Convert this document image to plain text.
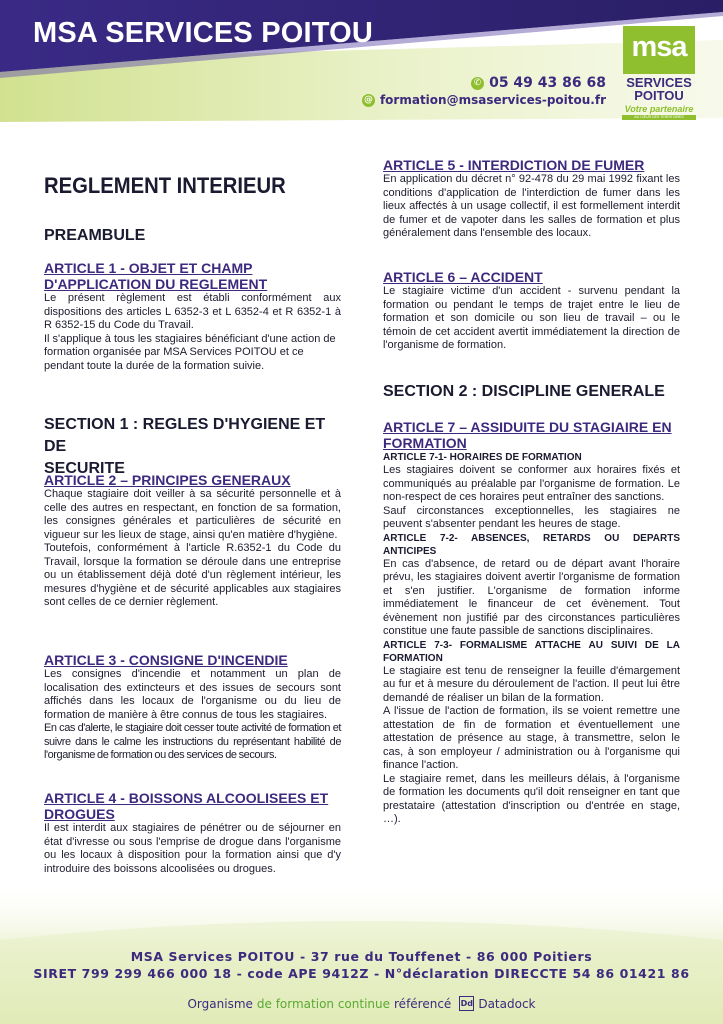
MSA SERVICES POITOU
✆ 05 49 43 86 68
@ formation@msaservices-poitou.fr
msa
SERVICES
POITOU
Votre partenaire
AU CŒUR DES TERRITOIRES
REGLEMENT INTERIEUR
PREAMBULE
ARTICLE 1 - OBJET ET CHAMP
D'APPLICATION DU REGLEMENT
Le présent règlement est établi conformément aux dispositions des articles L 6352-3 et L 6352-4 et R 6352-1 à R 6352-15 du Code du Travail.
Il s'applique à tous les stagiaires bénéficiant d'une action de formation organisée par MSA Services POITOU et ce pendant toute la durée de la formation suivie.
SECTION 1 : REGLES D'HYGIENE ET DE
SECURITE
ARTICLE 2 – PRINCIPES GENERAUX
Chaque stagiaire doit veiller à sa sécurité personnelle et à celle des autres en respectant, en fonction de sa formation, les consignes générales et particulières de sécurité en vigueur sur les lieux de stage, ainsi qu'en matière d'hygiène.
Toutefois, conformément à l'article R.6352-1 du Code du Travail, lorsque la formation se déroule dans une entreprise ou un établissement déjà doté d'un règlement intérieur, les mesures d'hygiène et de sécurité applicables aux stagiaires sont celles de ce dernier règlement.
ARTICLE 3 - CONSIGNE D'INCENDIE
Les consignes d'incendie et notamment un plan de localisation des extincteurs et des issues de secours sont affichés dans les locaux de l'organisme ou du lieu de formation de manière à être connus de tous les stagiaires.
En cas d'alerte, le stagiaire doit cesser toute activité de formation et suivre dans le calme les instructions du représentant habilité de l'organisme de formation ou des services de secours.
ARTICLE 4 - BOISSONS ALCOOLISEES ET
DROGUES
Il est interdit aux stagiaires de pénétrer ou de séjourner en état d'ivresse ou sous l'emprise de drogue dans l'organisme ou les locaux à disposition pour la formation ainsi que d'y introduire des boissons alcoolisées ou drogues.
ARTICLE 5 - INTERDICTION DE FUMER
En application du décret n° 92-478 du 29 mai 1992 fixant les conditions d'application de l'interdiction de fumer dans les lieux affectés à un usage collectif, il est formellement interdit de fumer et de vapoter dans les salles de formation et plus généralement dans l'ensemble des locaux.
ARTICLE 6 – ACCIDENT
Le stagiaire victime d'un accident - survenu pendant la formation ou pendant le temps de trajet entre le lieu de formation et son domicile ou son lieu de travail – ou le témoin de cet accident avertit immédiatement la direction de l'organisme de formation.
SECTION 2 : DISCIPLINE GENERALE
ARTICLE 7 – ASSIDUITE DU STAGIAIRE EN
FORMATION
ARTICLE 7-1- HORAIRES DE FORMATION
Les stagiaires doivent se conformer aux horaires fixés et communiqués au préalable par l'organisme de formation. Le non-respect de ces horaires peut entraîner des sanctions.
Sauf circonstances exceptionnelles, les stagiaires ne peuvent s'absenter pendant les heures de stage.
ARTICLE 7-2- ABSENCES, RETARDS OU DEPARTS ANTICIPES
En cas d'absence, de retard ou de départ avant l'horaire prévu, les stagiaires doivent avertir l'organisme de formation et s'en justifier. L'organisme de formation informe immédiatement le financeur de cet évènement. Tout évènement non justifié par des circonstances particulières constitue une faute passible de sanctions disciplinaires.
ARTICLE 7-3- FORMALISME ATTACHE AU SUIVI DE LA FORMATION
Le stagiaire est tenu de renseigner la feuille d'émargement au fur et à mesure du déroulement de l'action. Il peut lui être demandé de réaliser un bilan de la formation.
A l'issue de l'action de formation, ils se voient remettre une attestation de fin de formation et éventuellement une attestation de présence au stage, à transmettre, selon le cas, à son employeur / administration ou à l'organisme qui finance l'action.
Le stagiaire remet, dans les meilleurs délais, à l'organisme de formation les documents qu'il doit renseigner en tant que prestataire (attestation d'inscription ou d'entrée en stage, …).
MSA Services POITOU - 37 rue du Touffenet - 86 000 Poitiers
SIRET 799 299 466 000 18 - code APE 9412Z - N°déclaration DIRECCTE 54 86 01421 86
Organisme de formation continue référencé Dd Datadock
